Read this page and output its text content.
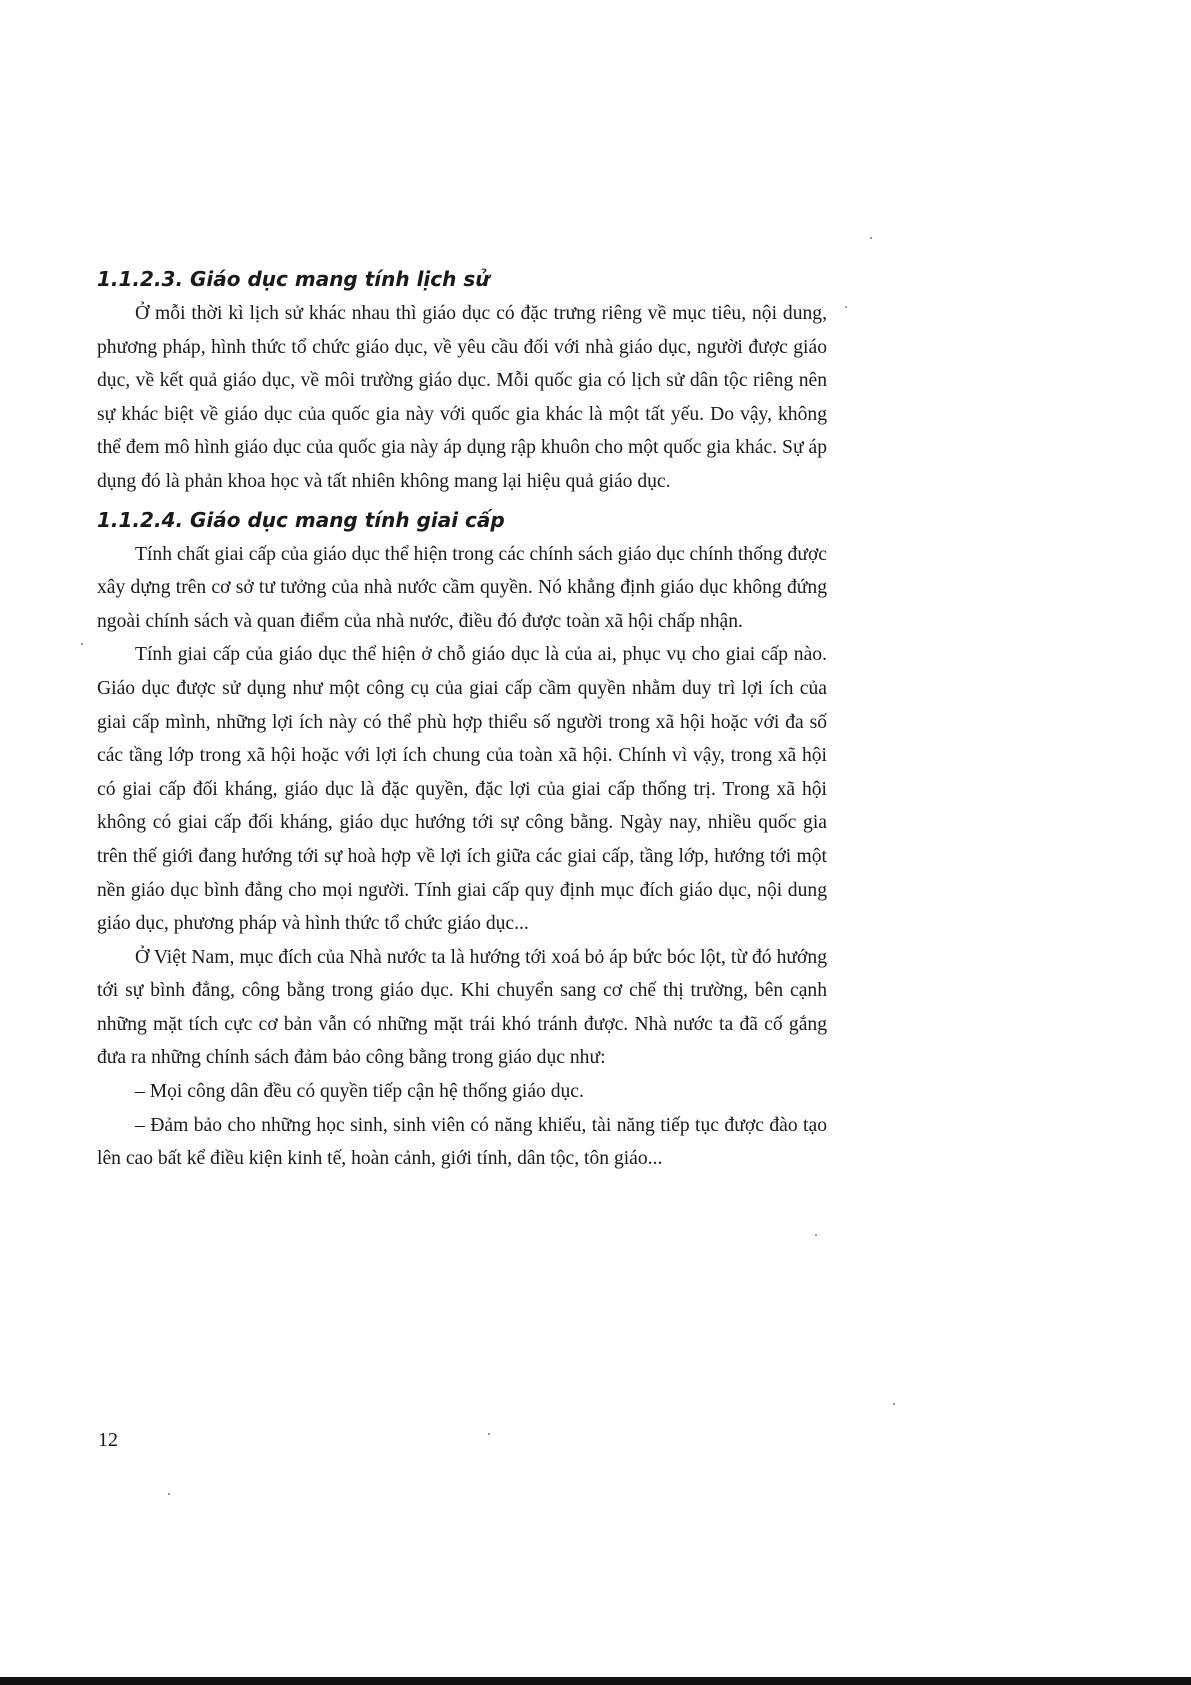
1.1.2.3. Giáo dục mang tính lịch sử

Ở mỗi thời kì lịch sử khác nhau thì giáo dục có đặc trưng riêng về mục tiêu, nội dung, phương pháp, hình thức tổ chức giáo dục, về yêu cầu đối với nhà giáo dục, người được giáo dục, về kết quả giáo dục, về môi trường giáo dục. Mỗi quốc gia có lịch sử dân tộc riêng nên sự khác biệt về giáo dục của quốc gia này với quốc gia khác là một tất yếu. Do vậy, không thể đem mô hình giáo dục của quốc gia này áp dụng rập khuôn cho một quốc gia khác. Sự áp dụng đó là phản khoa học và tất nhiên không mang lại hiệu quả giáo dục.

1.1.2.4. Giáo dục mang tính giai cấp

Tính chất giai cấp của giáo dục thể hiện trong các chính sách giáo dục chính thống được xây dựng trên cơ sở tư tưởng của nhà nước cầm quyền. Nó khẳng định giáo dục không đứng ngoài chính sách và quan điểm của nhà nước, điều đó được toàn xã hội chấp nhận.

Tính giai cấp của giáo dục thể hiện ở chỗ giáo dục là của ai, phục vụ cho giai cấp nào. Giáo dục được sử dụng như một công cụ của giai cấp cầm quyền nhằm duy trì lợi ích của giai cấp mình, những lợi ích này có thể phù hợp thiểu số người trong xã hội hoặc với đa số các tầng lớp trong xã hội hoặc với lợi ích chung của toàn xã hội. Chính vì vậy, trong xã hội có giai cấp đối kháng, giáo dục là đặc quyền, đặc lợi của giai cấp thống trị. Trong xã hội không có giai cấp đối kháng, giáo dục hướng tới sự công bằng. Ngày nay, nhiều quốc gia trên thế giới đang hướng tới sự hoà hợp về lợi ích giữa các giai cấp, tầng lớp, hướng tới một nền giáo dục bình đẳng cho mọi người. Tính giai cấp quy định mục đích giáo dục, nội dung giáo dục, phương pháp và hình thức tổ chức giáo dục...

Ở Việt Nam, mục đích của Nhà nước ta là hướng tới xoá bỏ áp bức bóc lột, từ đó hướng tới sự bình đẳng, công bằng trong giáo dục. Khi chuyển sang cơ chế thị trường, bên cạnh những mặt tích cực cơ bản vẫn có những mặt trái khó tránh được. Nhà nước ta đã cố gắng đưa ra những chính sách đảm bảo công bằng trong giáo dục như:

– Mọi công dân đều có quyền tiếp cận hệ thống giáo dục.

– Đảm bảo cho những học sinh, sinh viên có năng khiếu, tài năng tiếp tục được đào tạo lên cao bất kể điều kiện kinh tế, hoàn cảnh, giới tính, dân tộc, tôn giáo...

12
